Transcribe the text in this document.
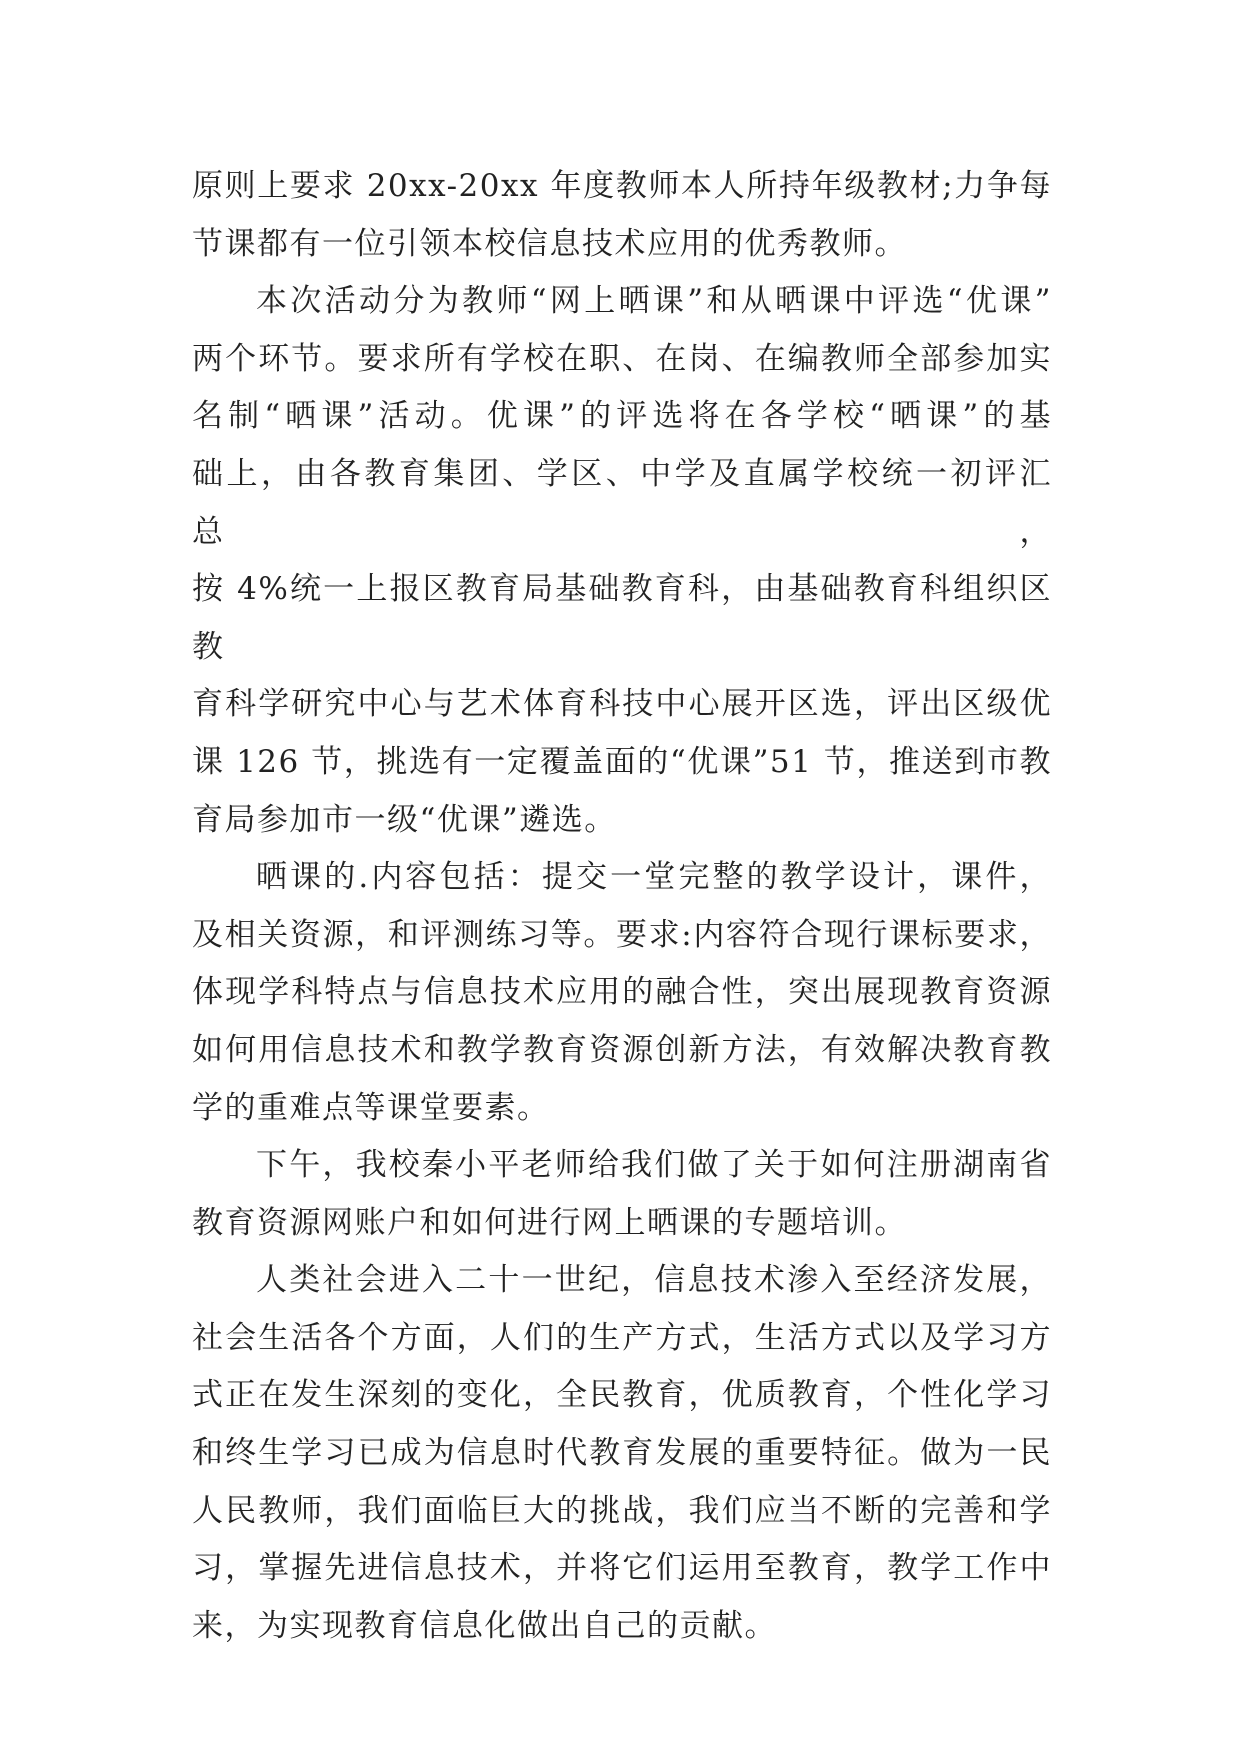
原则上要求 20xx-20xx 年度教师本人所持年级教材;力争每
节课都有一位引领本校信息技术应用的优秀教师。

本次活动分为教师“网上晒课”和从晒课中评选“优课”
两个环节。要求所有学校在职、在岗、在编教师全部参加实
名制“晒课”活动。优课”的评选将在各学校“晒课”的基
础上，由各教育集团、学区、中学及直属学校统一初评汇总，
按 4%统一上报区教育局基础教育科，由基础教育科组织区教
育科学研究中心与艺术体育科技中心展开区选，评出区级优
课 126 节，挑选有一定覆盖面的“优课”51 节，推送到市教
育局参加市一级“优课”遴选。

晒课的.内容包括：提交一堂完整的教学设计，课件，
及相关资源，和评测练习等。要求:内容符合现行课标要求，
体现学科特点与信息技术应用的融合性，突出展现教育资源
如何用信息技术和教学教育资源创新方法，有效解决教育教
学的重难点等课堂要素。

下午，我校秦小平老师给我们做了关于如何注册湖南省
教育资源网账户和如何进行网上晒课的专题培训。

人类社会进入二十一世纪，信息技术渗入至经济发展，
社会生活各个方面，人们的生产方式，生活方式以及学习方
式正在发生深刻的变化，全民教育，优质教育，个性化学习
和终生学习已成为信息时代教育发展的重要特征。做为一民
人民教师，我们面临巨大的挑战，我们应当不断的完善和学
习，掌握先进信息技术，并将它们运用至教育，教学工作中
来，为实现教育信息化做出自己的贡献。
